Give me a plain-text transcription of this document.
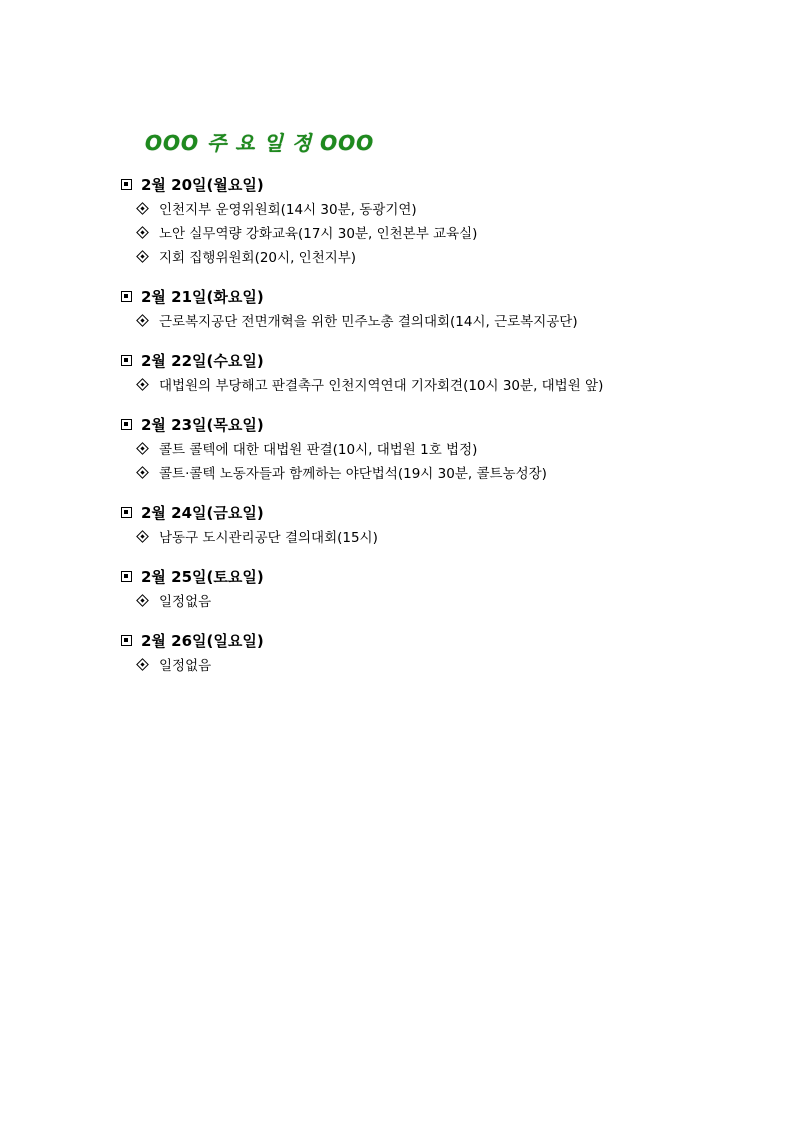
OOO 주 요 일 정 OOO
2월 20일(월요일)
인천지부 운영위원회(14시 30분, 동광기연)
노안 실무역량 강화교육(17시 30분, 인천본부 교육실)
지회 집행위원회(20시, 인천지부)
2월 21일(화요일)
근로복지공단 전면개혁을 위한 민주노총 결의대회(14시, 근로복지공단)
2월 22일(수요일)
대법원의 부당해고 판결촉구 인천지역연대 기자회견(10시 30분, 대법원 앞)
2월 23일(목요일)
콜트 콜텍에 대한 대법원 판결(10시, 대법원 1호 법정)
콜트·콜텍 노동자들과 함께하는 야단법석(19시 30분, 콜트농성장)
2월 24일(금요일)
남동구 도시관리공단 결의대회(15시)
2월 25일(토요일)
일정없음
2월 26일(일요일)
일정없음
